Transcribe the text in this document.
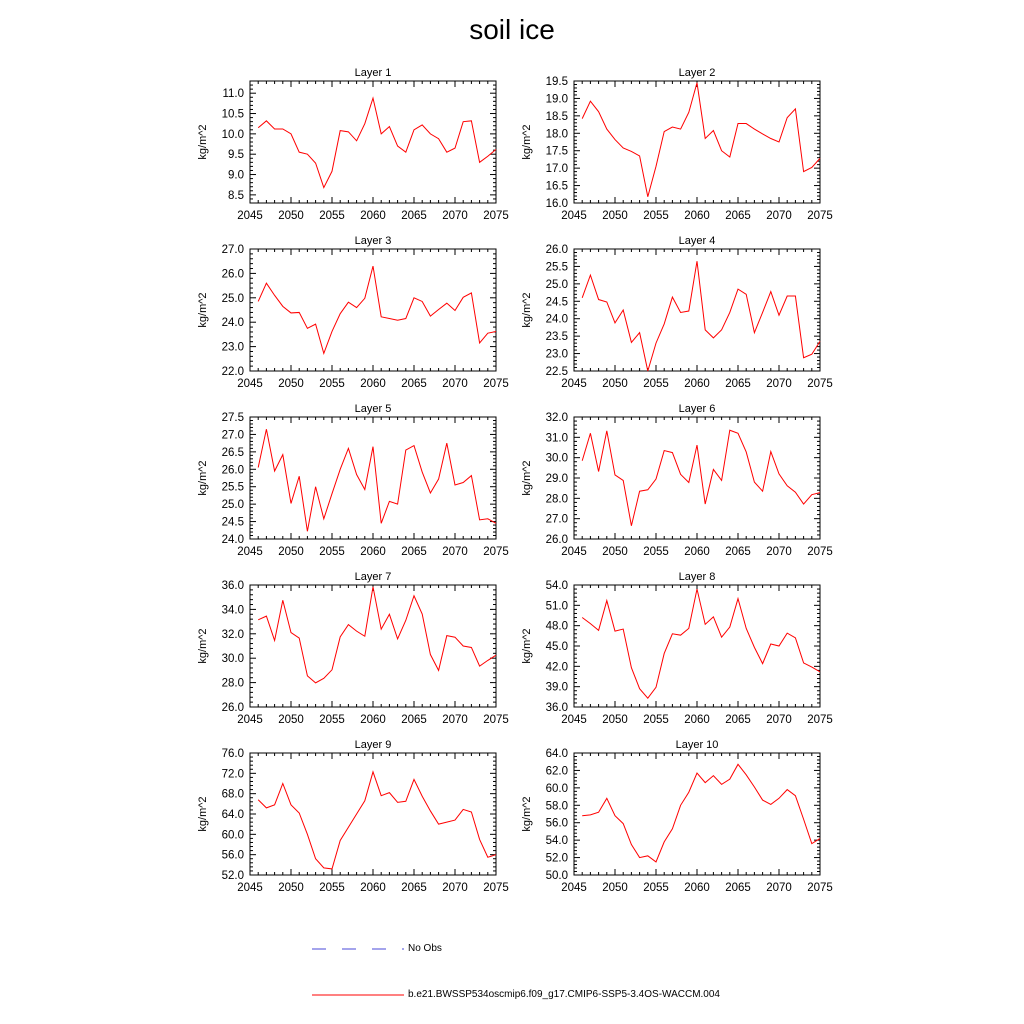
soil ice
Layer 1
kg/m^2
2045 2050 2055 2060 2065 2070 2075
8.5
9.0
9.5
10.0
10.5
11.0
Layer 2
kg/m^2
2045 2050 2055 2060 2065 2070 2075
16.0
16.5
17.0
17.5
18.0
18.5
19.0
19.5
Layer 3
kg/m^2
2045 2050 2055 2060 2065 2070 2075
22.0
23.0
24.0
25.0
26.0
27.0
Layer 4
kg/m^2
2045 2050 2055 2060 2065 2070 2075
22.5
23.0
23.5
24.0
24.5
25.0
25.5
26.0
Layer 5
kg/m^2
2045 2050 2055 2060 2065 2070 2075
24.0
24.5
25.0
25.5
26.0
26.5
27.0
27.5
Layer 6
kg/m^2
2045 2050 2055 2060 2065 2070 2075
26.0
27.0
28.0
29.0
30.0
31.0
32.0
Layer 7
kg/m^2
2045 2050 2055 2060 2065 2070 2075
26.0
28.0
30.0
32.0
34.0
36.0
Layer 8
kg/m^2
2045 2050 2055 2060 2065 2070 2075
36.0
39.0
42.0
45.0
48.0
51.0
54.0
Layer 9
kg/m^2
2045 2050 2055 2060 2065 2070 2075
52.0
56.0
60.0
64.0
68.0
72.0
76.0
Layer 10
kg/m^2
2045 2050 2055 2060 2065 2070 2075
50.0
52.0
54.0
56.0
58.0
60.0
62.0
64.0
No Obs
b.e21.BWSSP534oscmip6.f09_g17.CMIP6-SSP5-3.4OS-WACCM.004
